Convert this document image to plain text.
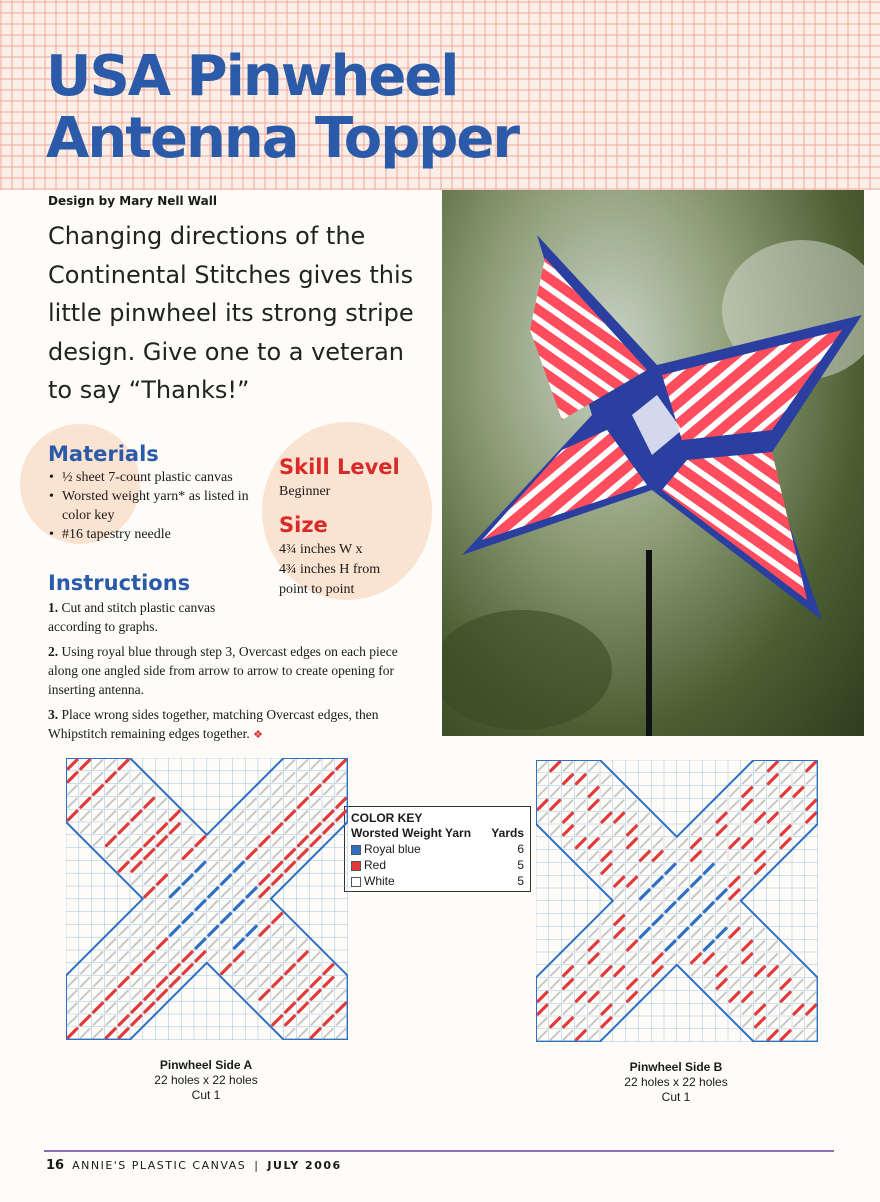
USA Pinwheel
Antenna Topper
Design by Mary Nell Wall

Changing directions of the Continental Stitches gives this little pinwheel its strong stripe design. Give one to a veteran to say “Thanks!”

Materials
• ½ sheet 7-count plastic canvas
• Worsted weight yarn* as listed in color key
• #16 tapestry needle
Skill Level
Beginner
Size
4¾ inches W x
4¾ inches H from
point to point
Instructions

1. Cut and stitch plastic canvas according to graphs.

2. Using royal blue through step 3, Overcast edges on each piece along one angled side from arrow to arrow to create opening for inserting antenna.

3. Place wrong sides together, matching Overcast edges, then Whipstitch remaining edges together. ❖

COLOR KEY
Worsted Weight Yarn Yards
Royal blue	6
Red	5
White	5
Pinwheel Side A
22 holes x 22 holes
Cut 1
Pinwheel Side B
22 holes x 22 holes
Cut 1
16 ANNIE'S PLASTIC CANVAS | JULY 2006
